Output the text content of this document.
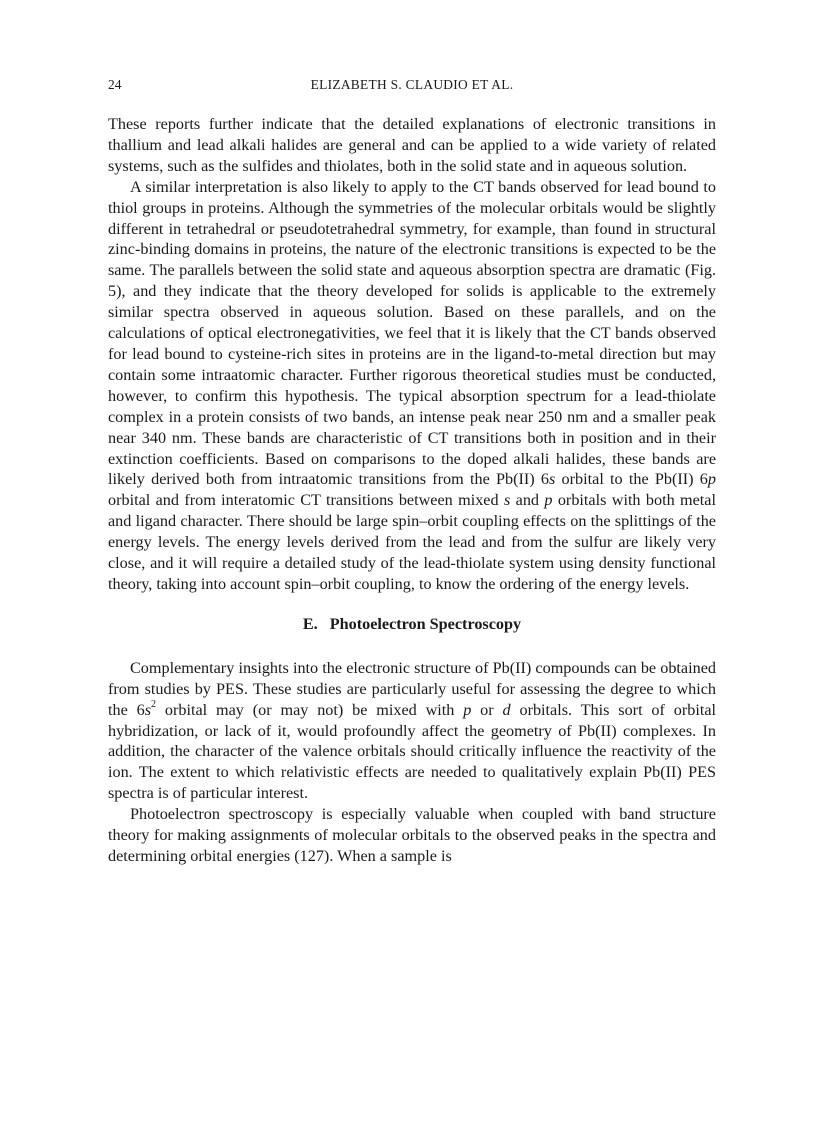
24	ELIZABETH S. CLAUDIO ET AL.

These reports further indicate that the detailed explanations of electronic transitions in thallium and lead alkali halides are general and can be applied to a wide variety of related systems, such as the sulfides and thiolates, both in the solid state and in aqueous solution.

A similar interpretation is also likely to apply to the CT bands observed for lead bound to thiol groups in proteins. Although the symmetries of the molecular orbitals would be slightly different in tetrahedral or pseudotetrahedral symmetry, for example, than found in structural zinc-binding domains in proteins, the nature of the electronic transitions is expected to be the same. The parallels between the solid state and aqueous absorption spectra are dramatic (Fig. 5), and they indicate that the theory developed for solids is applicable to the extremely similar spectra observed in aqueous solution. Based on these parallels, and on the calculations of optical electronegativities, we feel that it is likely that the CT bands observed for lead bound to cysteine-rich sites in proteins are in the ligand-to-metal direction but may contain some intraatomic character. Further rigorous theoretical studies must be conducted, however, to confirm this hypothesis. The typical absorption spectrum for a lead-thiolate complex in a protein consists of two bands, an intense peak near 250 nm and a smaller peak near 340 nm. These bands are characteristic of CT transitions both in position and in their extinction coefficients. Based on comparisons to the doped alkali halides, these bands are likely derived both from intraatomic transitions from the Pb(II) 6s orbital to the Pb(II) 6p orbital and from interatomic CT transitions between mixed s and p orbitals with both metal and ligand character. There should be large spin–orbit coupling effects on the splittings of the energy levels. The energy levels derived from the lead and from the sulfur are likely very close, and it will require a detailed study of the lead-thiolate system using density functional theory, taking into account spin–orbit coupling, to know the ordering of the energy levels.

E. Photoelectron Spectroscopy

Complementary insights into the electronic structure of Pb(II) compounds can be obtained from studies by PES. These studies are particularly useful for assessing the degree to which the $6s^2$ orbital may (or may not) be mixed with p or d orbitals. This sort of orbital hybridization, or lack of it, would profoundly affect the geometry of Pb(II) complexes. In addition, the character of the valence orbitals should critically influence the reactivity of the ion. The extent to which relativistic effects are needed to qualitatively explain Pb(II) PES spectra is of particular interest.

Photoelectron spectroscopy is especially valuable when coupled with band structure theory for making assignments of molecular orbitals to the observed peaks in the spectra and determining orbital energies (127). When a sample is
